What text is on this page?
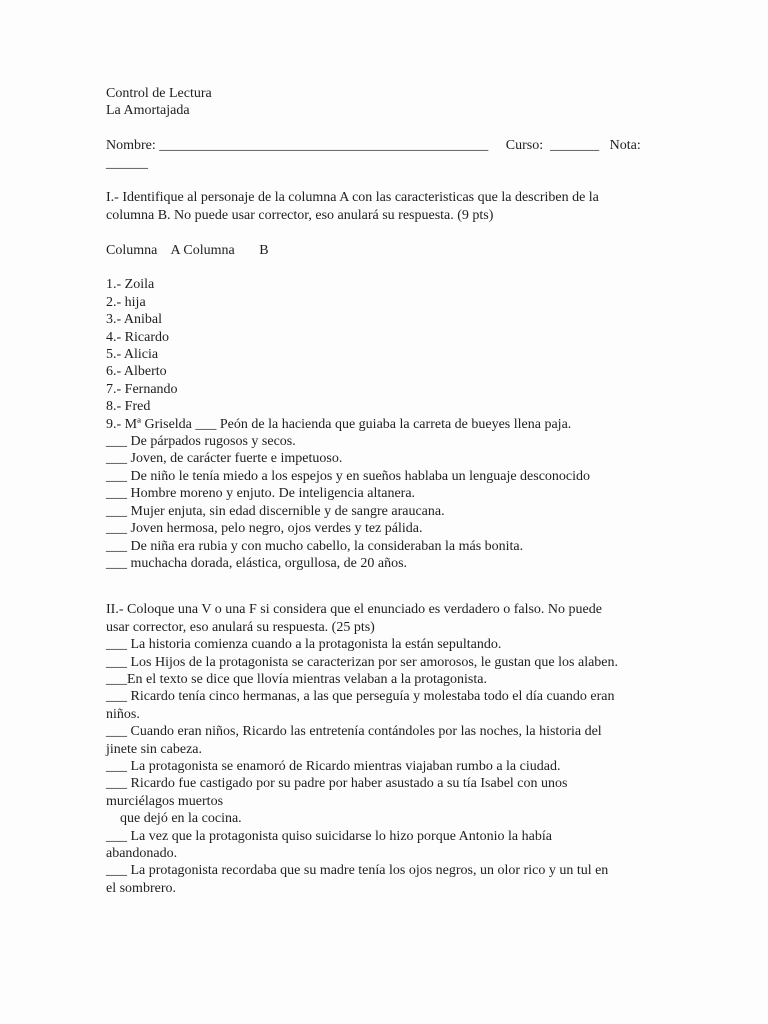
Control de Lectura
La Amortajada
Nombre: _______________________________________________     Curso:  _______   Nota:
______
I.- Identifique al personaje de la columna A con las caracteristicas que la describen de la
columna B. No puede usar corrector, eso anulará su respuesta. (9 pts)
Columna    A Columna       B
1.- Zoila
2.- hija
3.- Anibal
4.- Ricardo
5.- Alicia
6.- Alberto
7.- Fernando
8.- Fred
9.- Mª Griselda ___ Peón de la hacienda que guiaba la carreta de bueyes llena paja.
___ De párpados rugosos y secos.
___ Joven, de carácter fuerte e impetuoso.
___ De niño le tenía miedo a los espejos y en sueños hablaba un lenguaje desconocido
___ Hombre moreno y enjuto. De inteligencia altanera.
___ Mujer enjuta, sin edad discernible y de sangre araucana.
___ Joven hermosa, pelo negro, ojos verdes y tez pálida.
___ De niña era rubia y con mucho cabello, la consideraban la más bonita.
___ muchacha dorada, elástica, orgullosa, de 20 años.
II.- Coloque una V o una F si considera que el enunciado es verdadero o falso. No puede
usar corrector, eso anulará su respuesta. (25 pts)
___ La historia comienza cuando a la protagonista la están sepultando.
___ Los Hijos de la protagonista se caracterizan por ser amorosos, le gustan que los alaben.
___En el texto se dice que llovía mientras velaban a la protagonista.
___ Ricardo tenía cinco hermanas, a las que perseguía y molestaba todo el día cuando eran
niños.
___ Cuando eran niños, Ricardo las entretenía contándoles por las noches, la historia del
jinete sin cabeza.
___ La protagonista se enamoró de Ricardo mientras viajaban rumbo a la ciudad.
___ Ricardo fue castigado por su padre por haber asustado a su tía Isabel con unos
murciélagos muertos
que dejó en la cocina.
___ La vez que la protagonista quiso suicidarse lo hizo porque Antonio la había
abandonado.
___ La protagonista recordaba que su madre tenía los ojos negros, un olor rico y un tul en
el sombrero.
